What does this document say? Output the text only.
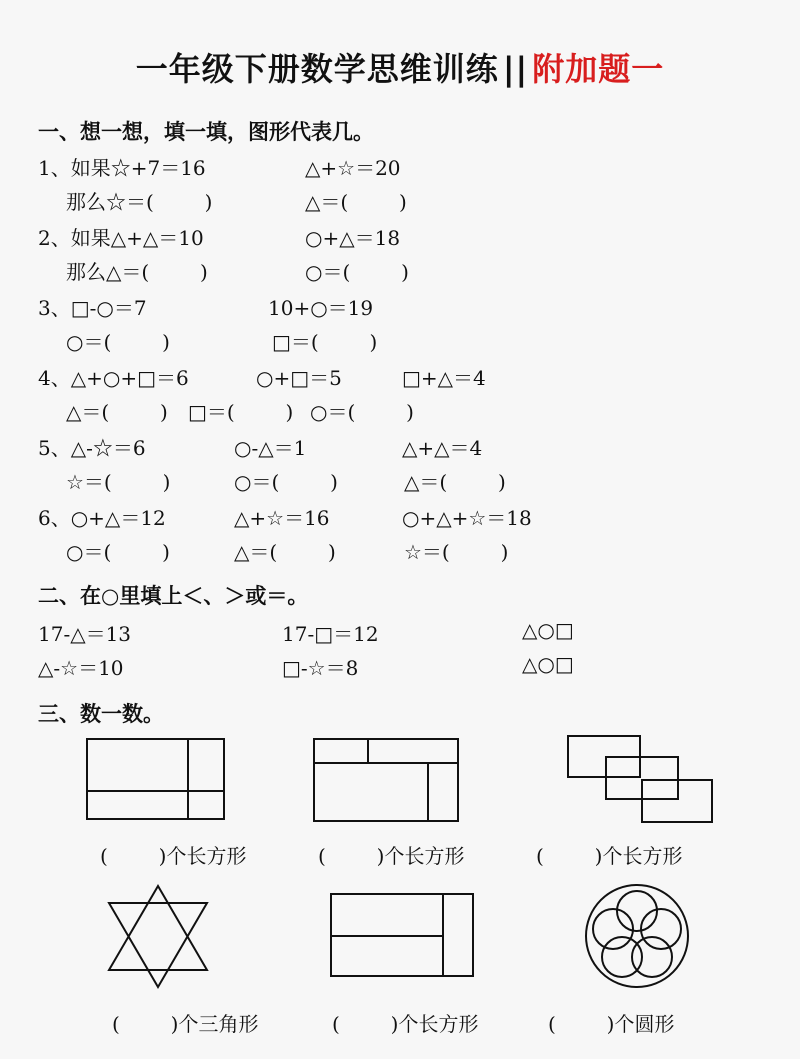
一年级下册数学思维训练 || 附加题一
一、想一想，填一填，图形代表几。
1、如果☆+7＝16	△+☆＝20
那么☆＝(        )	△＝(        )
2、如果△+△＝10	○+△＝18
那么△＝(        )	○＝(        )
3、□-○＝7	10+○＝19
○＝(        )	□＝(        )
4、△+○+□＝6	○+□＝5	□+△＝4
△＝(        ) □＝(        ) ○＝(        )
5、△-☆＝6	○-△＝1	△+△＝4
☆＝(        )	○＝(        )	△＝(        )
6、○+△＝12	△+☆＝16	○+△+☆＝18
○＝(        )	△＝(        )	☆＝(        )
二、在○里填上＜、＞或＝。
17-△＝13	17-□＝12	△○□
△-☆＝10	□-☆＝8	△○□
三、数一数。
(        )个长方形	(        )个长方形	(        )个长方形
(        )个三角形	(        )个长方形	(        )个圆形
